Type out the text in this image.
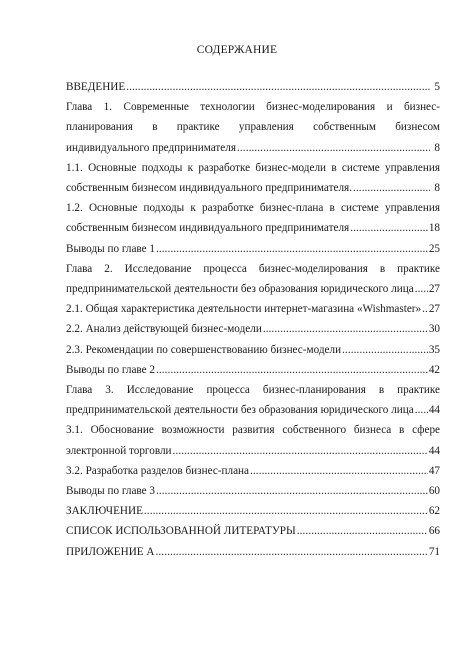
СОДЕРЖАНИЕ
ВВЕДЕНИЕ .....	5
Глава 1. Современные технологии бизнес-моделирования и бизнес-
планирования в практике управления собственным бизнесом
индивидуального предпринимателя .....	8
1.1. Основные подходы к разработке бизнес-модели в системе управления
собственным бизнесом индивидуального предпринимателя. .....	8
1.2. Основные подходы к разработке бизнес-плана в системе управления
собственным бизнесом индивидуального предпринимателя .....	18
Выводы по главе 1 .....	25
Глава 2. Исследование процесса бизнес-моделирования в практике
предпринимательской деятельности без образования юридического лица ..... 27
2.1. Общая характеристика деятельности интернет-магазина «Wishmaster» ..... 27
2.2. Анализ действующей бизнес-модели .....	30
2.3. Рекомендации по совершенствованию бизнес-модели .....	35
Выводы по главе 2 .....	42
Глава 3. Исследование процесса бизнес-планирования в практике
предпринимательской деятельности без образования юридического лица ..... 44
3.1. Обоснование возможности развития собственного бизнеса в сфере
электронной торговли .....	44
3.2. Разработка разделов бизнес-плана .....	47
Выводы по главе 3 .....	60
ЗАКЛЮЧЕНИЕ .....	62
СПИСОК ИСПОЛЬЗОВАННОЙ ЛИТЕРАТУРЫ .....	66
ПРИЛОЖЕНИЕ А .....	71
